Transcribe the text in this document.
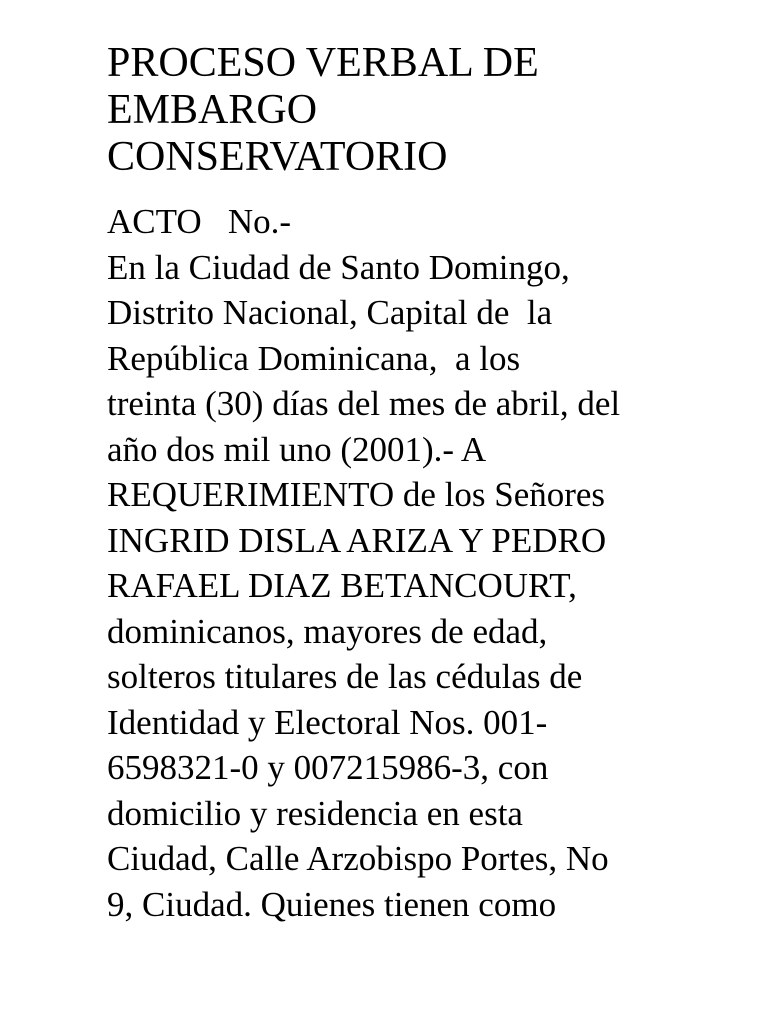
PROCESO VERBAL DE
EMBARGO
CONSERVATORIO
ACTO   No.-
En la Ciudad de Santo Domingo,
Distrito Nacional, Capital de  la
República Dominicana,  a los
treinta (30) días del mes de abril, del
año dos mil uno (2001).- A
REQUERIMIENTO de los Señores
INGRID DISLA ARIZA Y PEDRO
RAFAEL DIAZ BETANCOURT,
dominicanos, mayores de edad,
solteros titulares de las cédulas de
Identidad y Electoral Nos. 001-
6598321-0 y 007215986-3, con
domicilio y residencia en esta
Ciudad, Calle Arzobispo Portes, No
9, Ciudad. Quienes tienen como
